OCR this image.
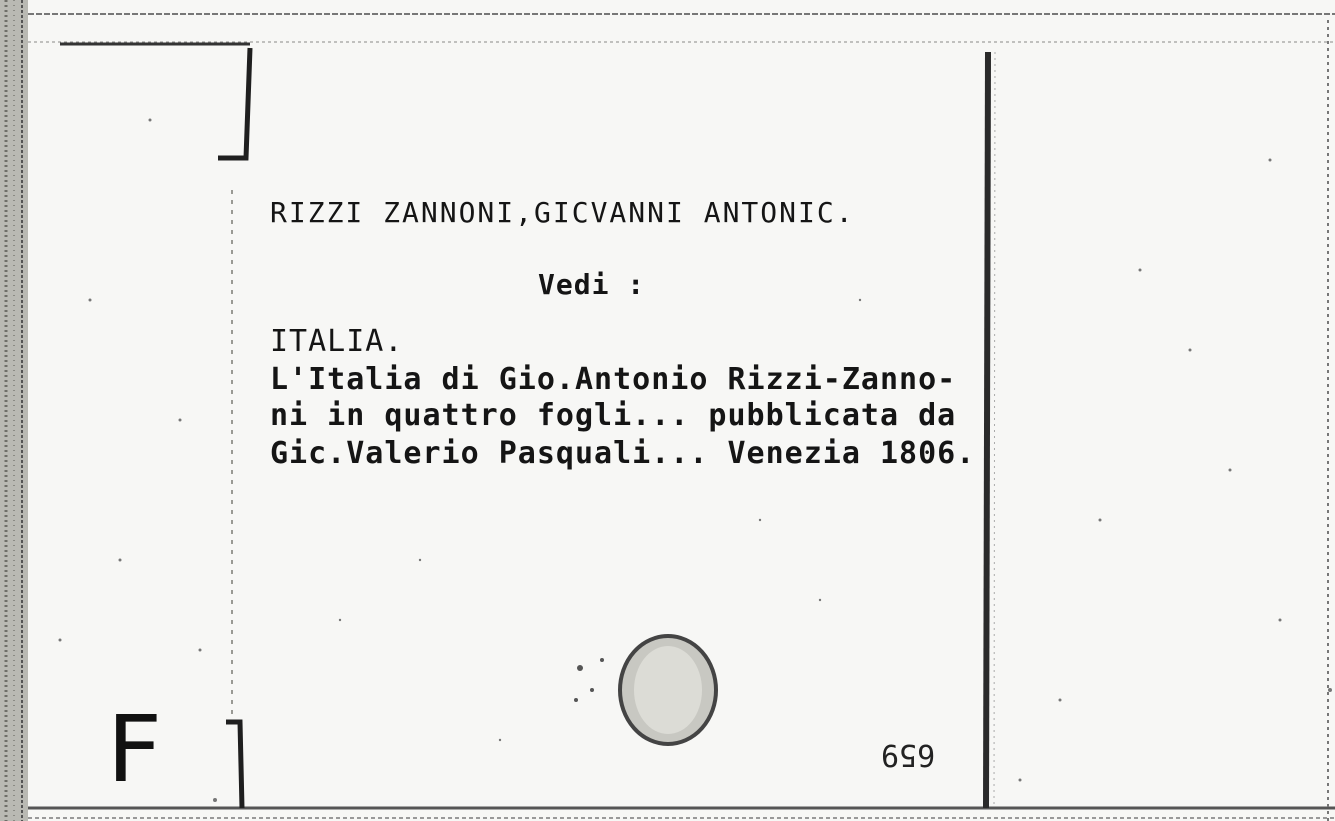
RIZZI ZANNONI,GICVANNI ANTONIC.
Vedi :
ITALIA.
L'Italia di Gio.Antonio Rizzi-Zanno-
ni in quattro fogli... pubblicata da
Gic.Valerio Pasquali... Venezia 1806.
F	659
